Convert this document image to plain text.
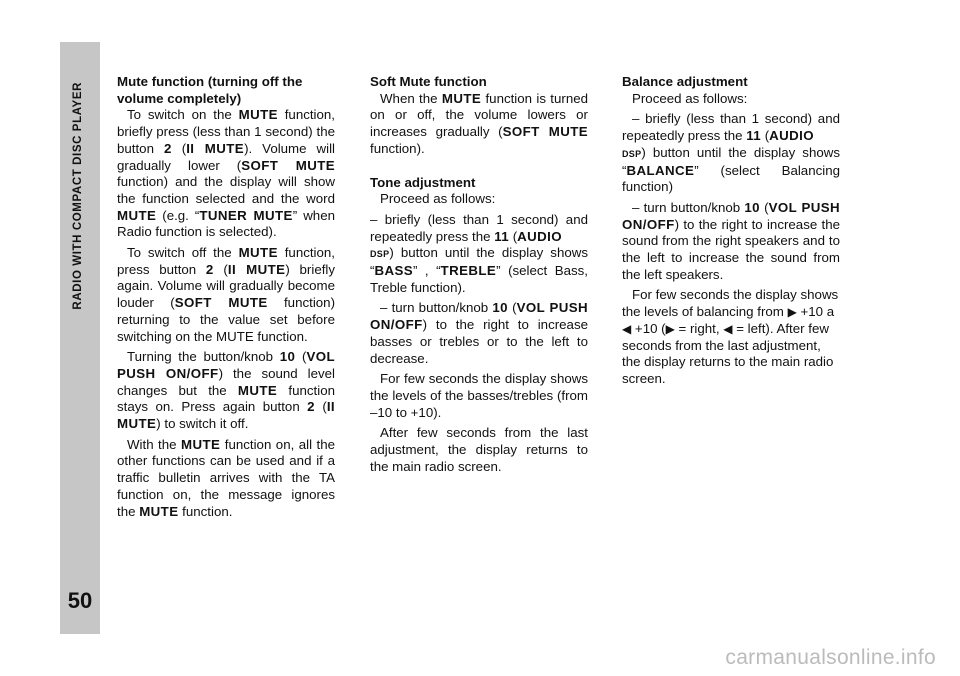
RADIO WITH COMPACT DISC PLAYER
50
Mute function (turning off the
volume completely)

To switch on the MUTE function, briefly press (less than 1 second) the button 2 (II MUTE). Volume will gradually lower (SOFT MUTE function) and the display will show the function selected and the word MUTE (e.g. “TUNER MUTE” when Radio function is selected).

To switch off the MUTE function, press button 2 (II MUTE) briefly again. Volume will gradually become louder (SOFT MUTE function) returning to the value set before switching on the MUTE function.

Turning the button/knob 10 (VOL PUSH ON/OFF) the sound level changes but the MUTE function stays on. Press again button 2 (II MUTE) to switch it off.

With the MUTE function on, all the other functions can be used and if a traffic bulletin arrives with the TA function on, the message ignores the MUTE function.

Soft Mute function

When the MUTE function is turned on or off, the volume lowers or increases gradually (SOFT MUTE function).

Tone adjustment

Proceed as follows:

– briefly (less than 1 second) and repeatedly press the 11 (AUDIO
DSP) button until the display shows “BASS” , “TREBLE” (select Bass, Treble function).

– turn button/knob 10 (VOL PUSH ON/OFF) to the right to increase basses or trebles or to the left to decrease.

For few seconds the display shows the levels of the basses/trebles (from –10 to +10).

After few seconds from the last adjustment, the display returns to the main radio screen.

Balance adjustment

Proceed as follows:

– briefly (less than 1 second) and repeatedly press the 11 (AUDIO
DSP) button until the display shows “BALANCE” (select Balancing function)

– turn button/knob 10 (VOL PUSH ON/OFF) to the right to increase the sound from the right speakers and to the left to increase the sound from the left speakers.

For few seconds the display shows the levels of balancing from ▶ +10 a
◀ +10 (▶ = right, ◀ = left). After few seconds from the last adjustment, the display returns to the main radio screen.

carmanualsonline.info
